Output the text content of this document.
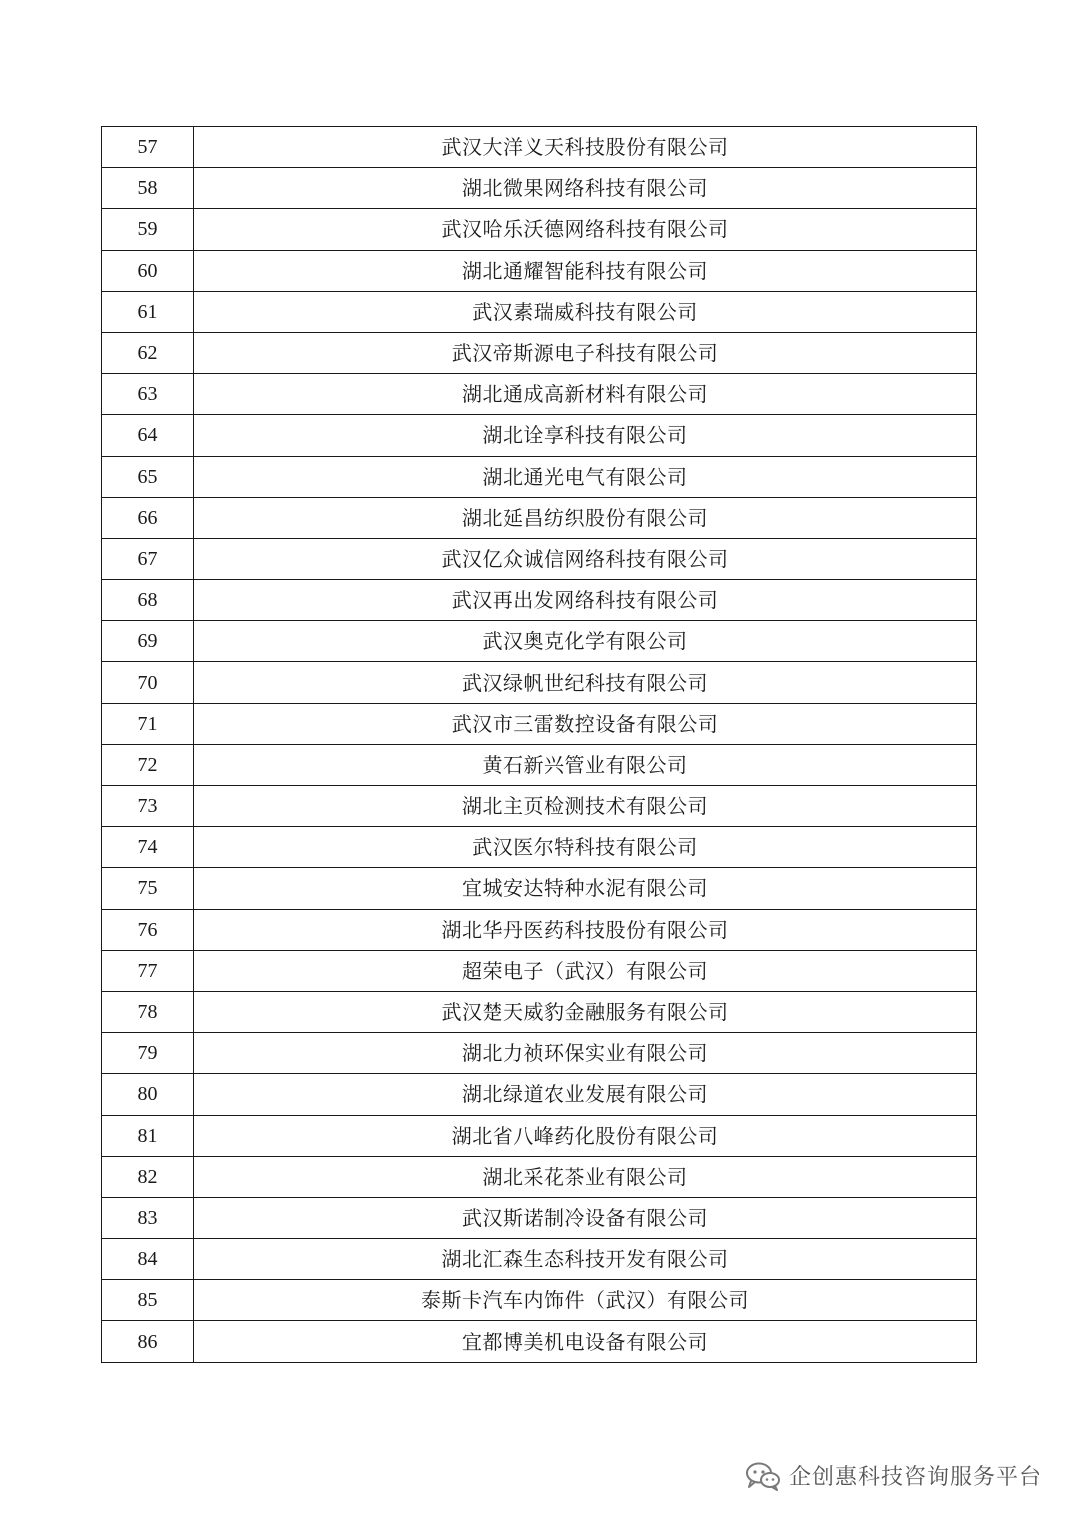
57	武汉大洋义天科技股份有限公司
58	湖北微果网络科技有限公司
59	武汉哈乐沃德网络科技有限公司
60	湖北通耀智能科技有限公司
61	武汉素瑞威科技有限公司
62	武汉帝斯源电子科技有限公司
63	湖北通成高新材料有限公司
64	湖北诠享科技有限公司
65	湖北通光电气有限公司
66	湖北延昌纺织股份有限公司
67	武汉亿众诚信网络科技有限公司
68	武汉再出发网络科技有限公司
69	武汉奥克化学有限公司
70	武汉绿帆世纪科技有限公司
71	武汉市三雷数控设备有限公司
72	黄石新兴管业有限公司
73	湖北主页检测技术有限公司
74	武汉医尔特科技有限公司
75	宜城安达特种水泥有限公司
76	湖北华丹医药科技股份有限公司
77	超荣电子（武汉）有限公司
78	武汉楚天威豹金融服务有限公司
79	湖北力祯环保实业有限公司
80	湖北绿道农业发展有限公司
81	湖北省八峰药化股份有限公司
82	湖北采花茶业有限公司
83	武汉斯诺制冷设备有限公司
84	湖北汇森生态科技开发有限公司
85	泰斯卡汽车内饰件（武汉）有限公司
86	宜都博美机电设备有限公司
企创惠科技咨询服务平台
